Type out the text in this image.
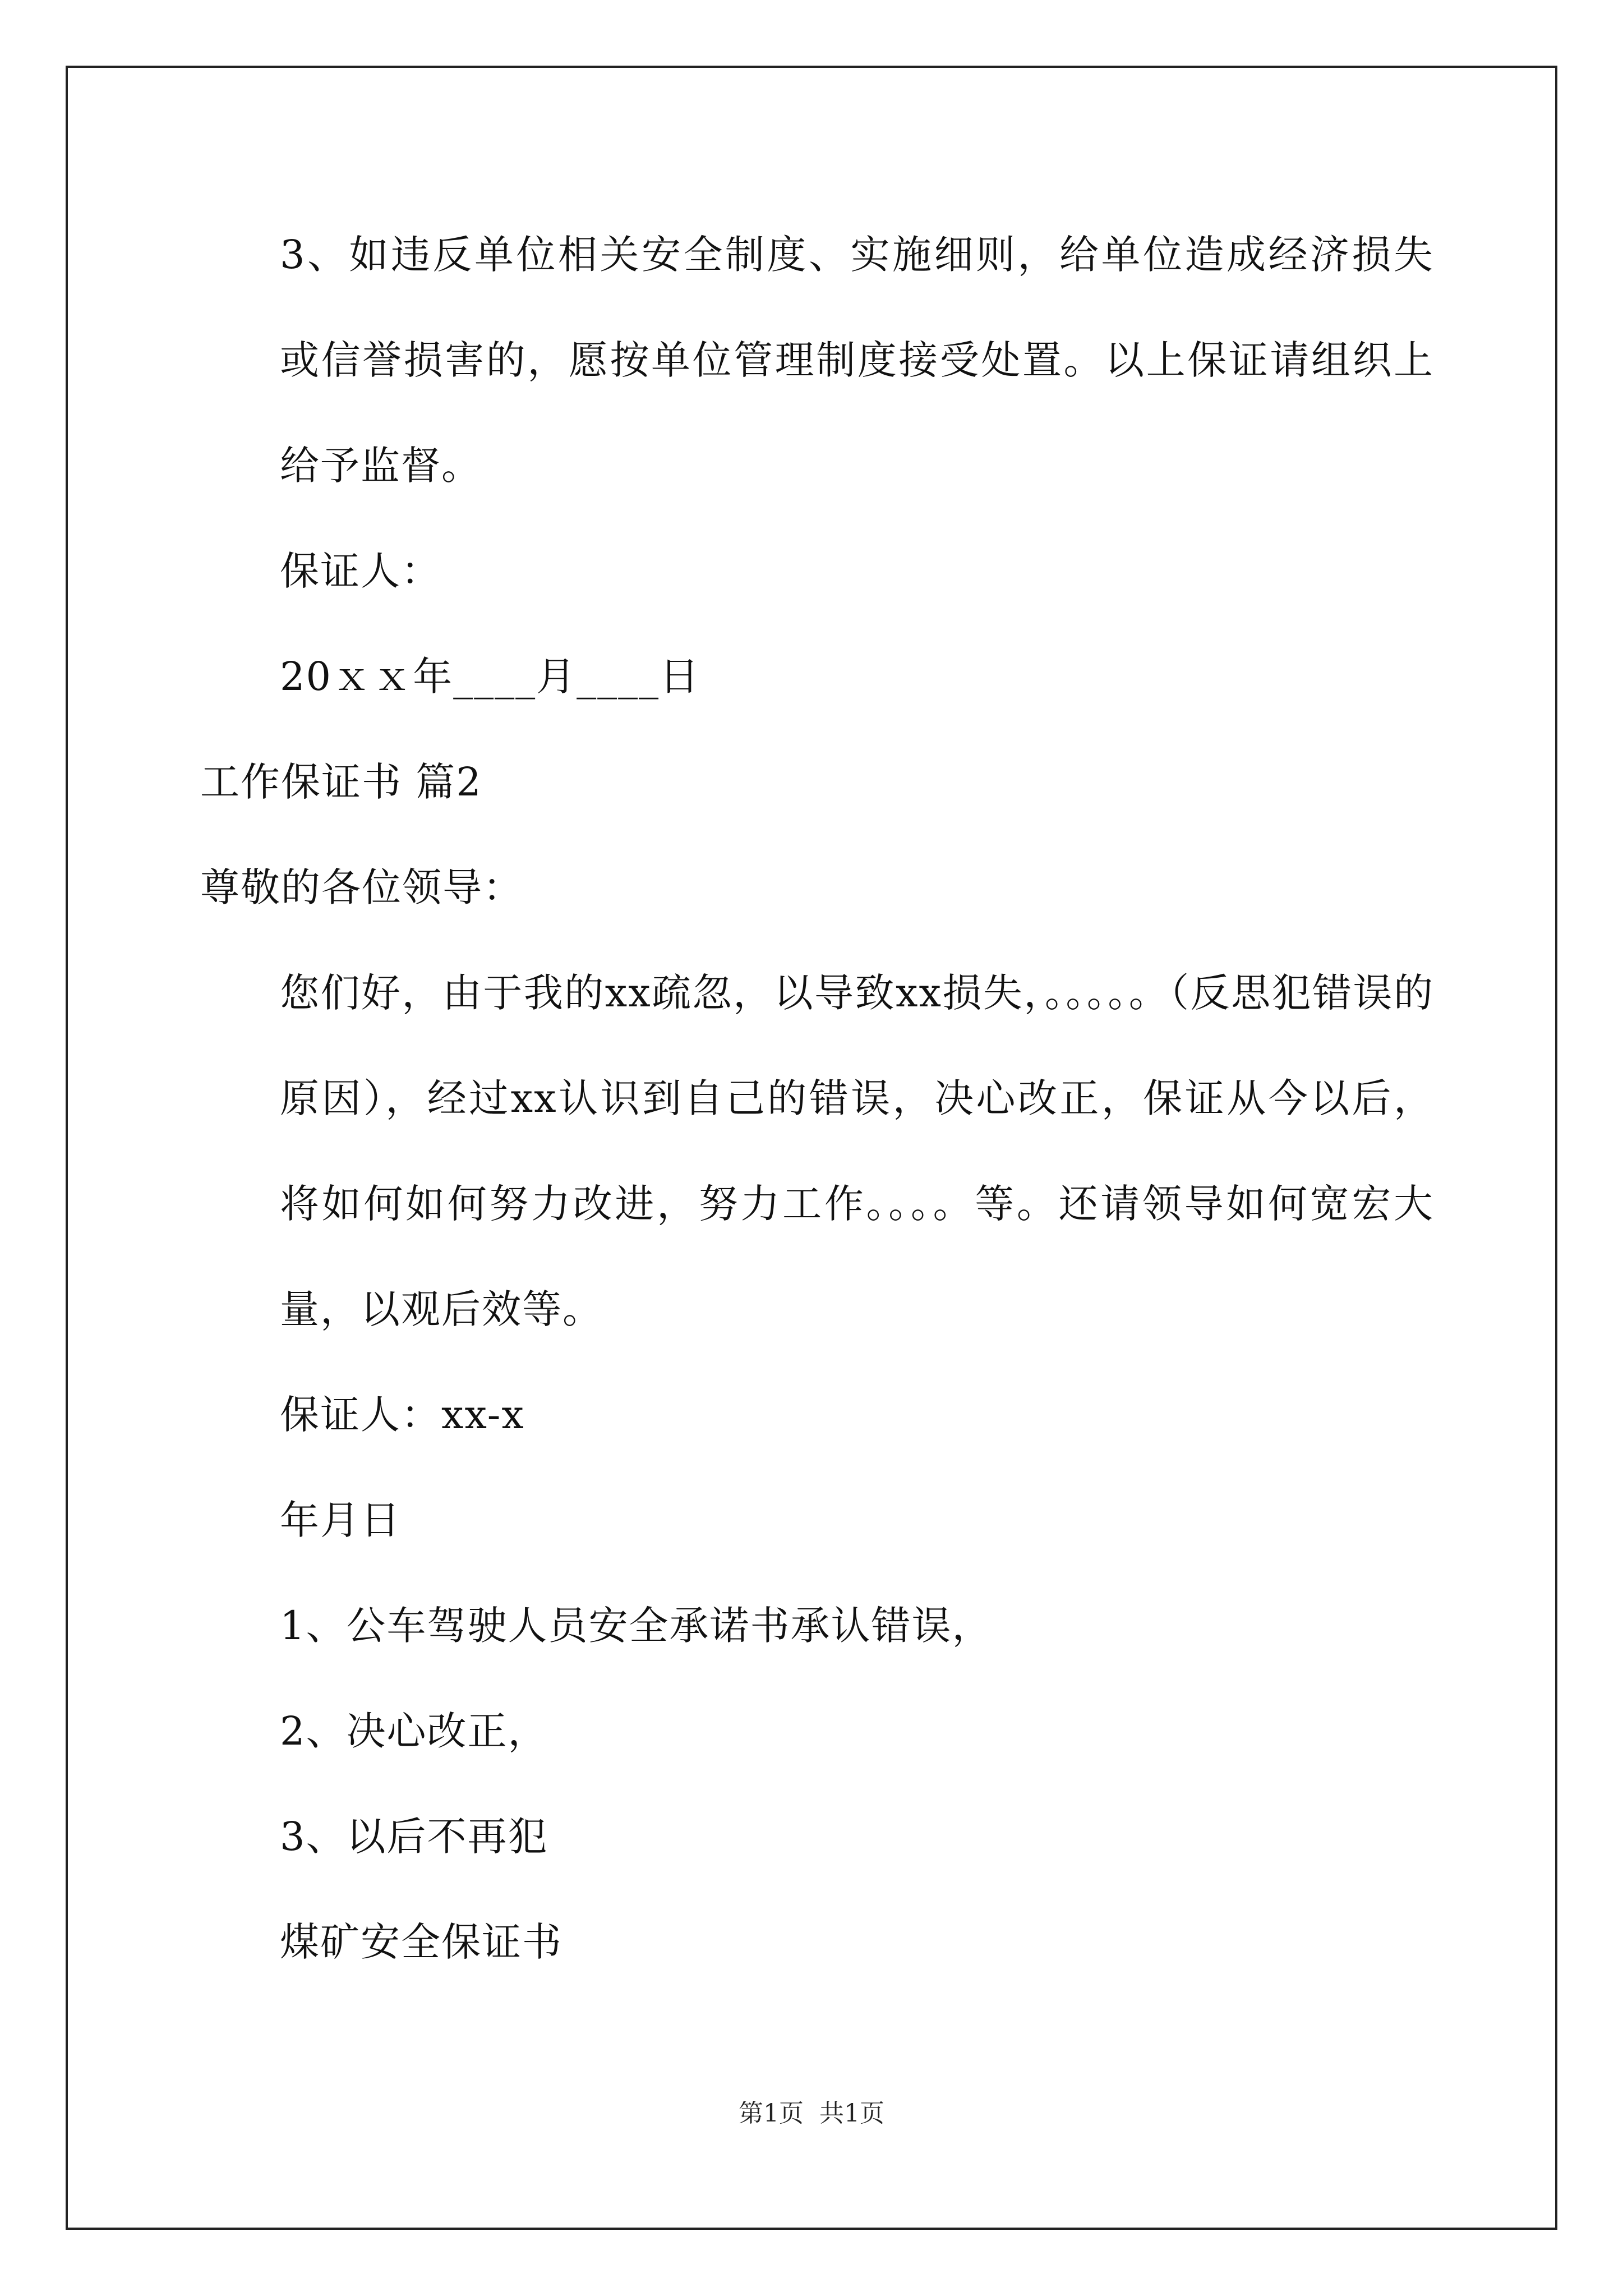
3、如违反单位相关安全制度、实施细则，给单位造成经济损失或信誉损害的，愿按单位管理制度接受处置。以上保证请组织上给予监督。

保证人：

20ｘｘ年____月____日

工作保证书 篇2

尊敬的各位领导：

您们好，由于我的xx疏忽，以导致xx损失，。。。。。（反思犯错误的原因），经过xx认识到自己的错误，决心改正，保证从今以后，将如何如何努力改进，努力工作。。。。等。还请领导如何宽宏大量，以观后效等。

保证人：xx-x

年月日

1、公车驾驶人员安全承诺书承认错误，

2、决心改正，

3、以后不再犯

煤矿安全保证书

第1页 共1页
